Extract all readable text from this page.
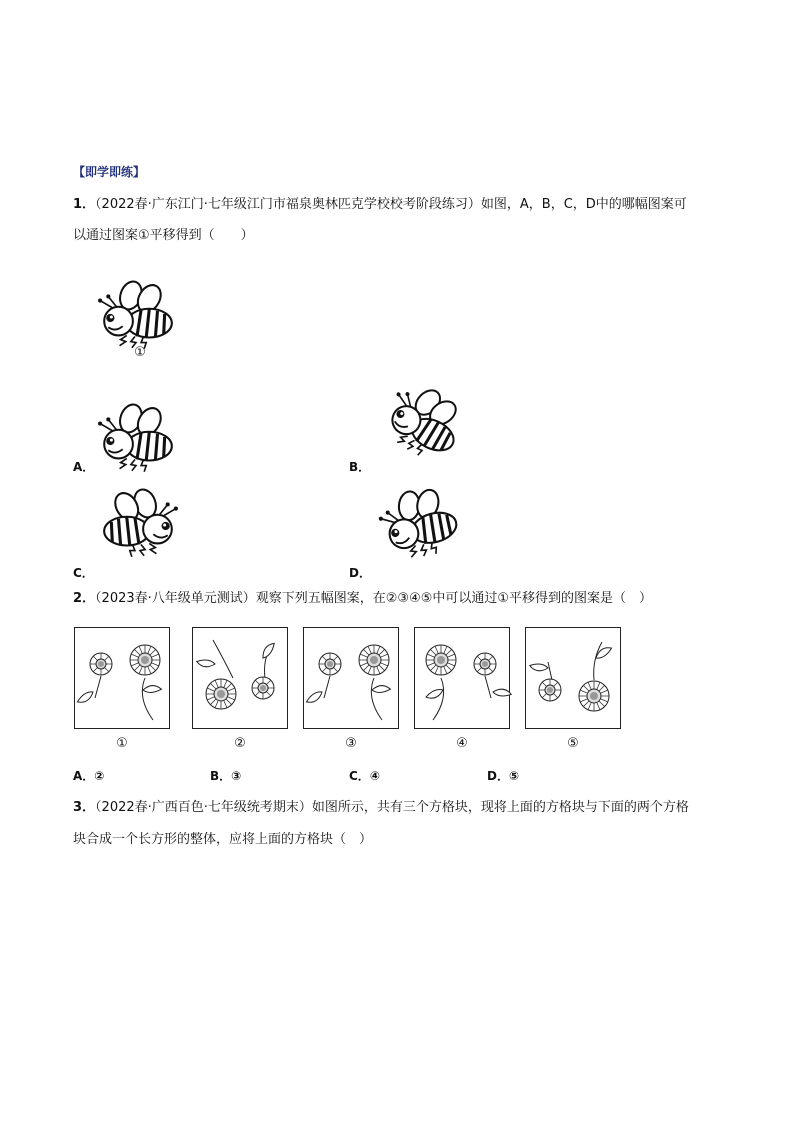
【即学即练】
1．（2022春·广东江门·七年级江门市福泉奥林匹克学校校考阶段练习）如图，A，B，C，D中的哪幅图案可
以通过图案①平移得到（　　）
①
A．	B．
C．	D．
2．（2023春·八年级单元测试）观察下列五幅图案，在②③④⑤中可以通过①平移得到的图案是（　）
①	②	③	④	⑤
A．②	B．③	C．④	D．⑤
3．（2022春·广西百色·七年级统考期末）如图所示，共有三个方格块，现将上面的方格块与下面的两个方格
块合成一个长方形的整体，应将上面的方格块（　）
